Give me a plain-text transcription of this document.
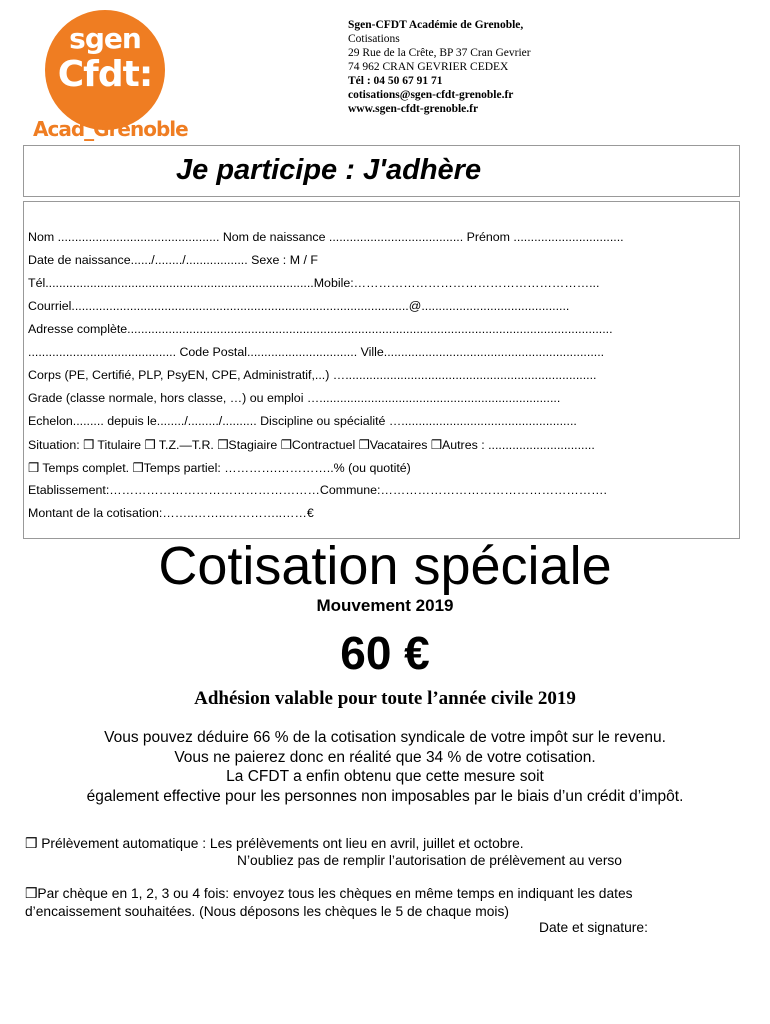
sgen
Cfdt:
Acad_Grenoble
Sgen-CFDT Académie de Grenoble,
Cotisations
29 Rue de la Crête, BP 37 Cran Gevrier
74 962 CRAN GEVRIER CEDEX
Tél : 04 50 67 91 71
cotisations@sgen-cfdt-grenoble.fr
www.sgen-cfdt-grenoble.fr
Je participe : J'adhère
Nom ............................................... Nom de naissance ....................................... Prénom ................................
Date de naissance....../......../.................. Sexe : M / F
Tél..............................................................................Mobile:…………………………………………………...
Courriel..................................................................................................@...........................................
Adresse complète.............................................................................................................................................
........................................... Code Postal................................ Ville................................................................
Corps (PE, Certifié, PLP, PsyEN, CPE, Administratif,...) ….........................................................................
Grade (classe normale, hors classe, …) ou emploi …......................................................................
Echelon......... depuis le......../........./.......... Discipline ou spécialité …...................................................
Situation: ❒ Titulaire ❒ T.Z.—T.R. ❒Stagiaire ❒Contractuel ❒Vacataires ❒Autres : ...............................
❒ Temps complet. ❒Temps partiel: ………….…………..% (ou quotité)
Etablissement:……………………………………………Commune:……………………………………………….
Montant de la cotisation:……..……..…………..……€
Cotisation spéciale
Mouvement 2019
60 €
Adhésion valable pour toute l’année civile 2019
Vous pouvez déduire 66 % de la cotisation syndicale de votre impôt sur le revenu.
Vous ne paierez donc en réalité que 34 % de votre cotisation.
La CFDT a enfin obtenu que cette mesure soit
également effective pour les personnes non imposables par le biais d’un crédit d’impôt.
❒ Prélèvement automatique : Les prélèvements ont lieu en avril, juillet et octobre.
N’oubliez pas de remplir l’autorisation de prélèvement au verso
❒Par chèque en 1, 2, 3 ou 4 fois: envoyez tous les chèques en même temps en indiquant les dates
d’encaissement souhaitées. (Nous déposons les chèques le 5 de chaque mois)
Date et signature:
